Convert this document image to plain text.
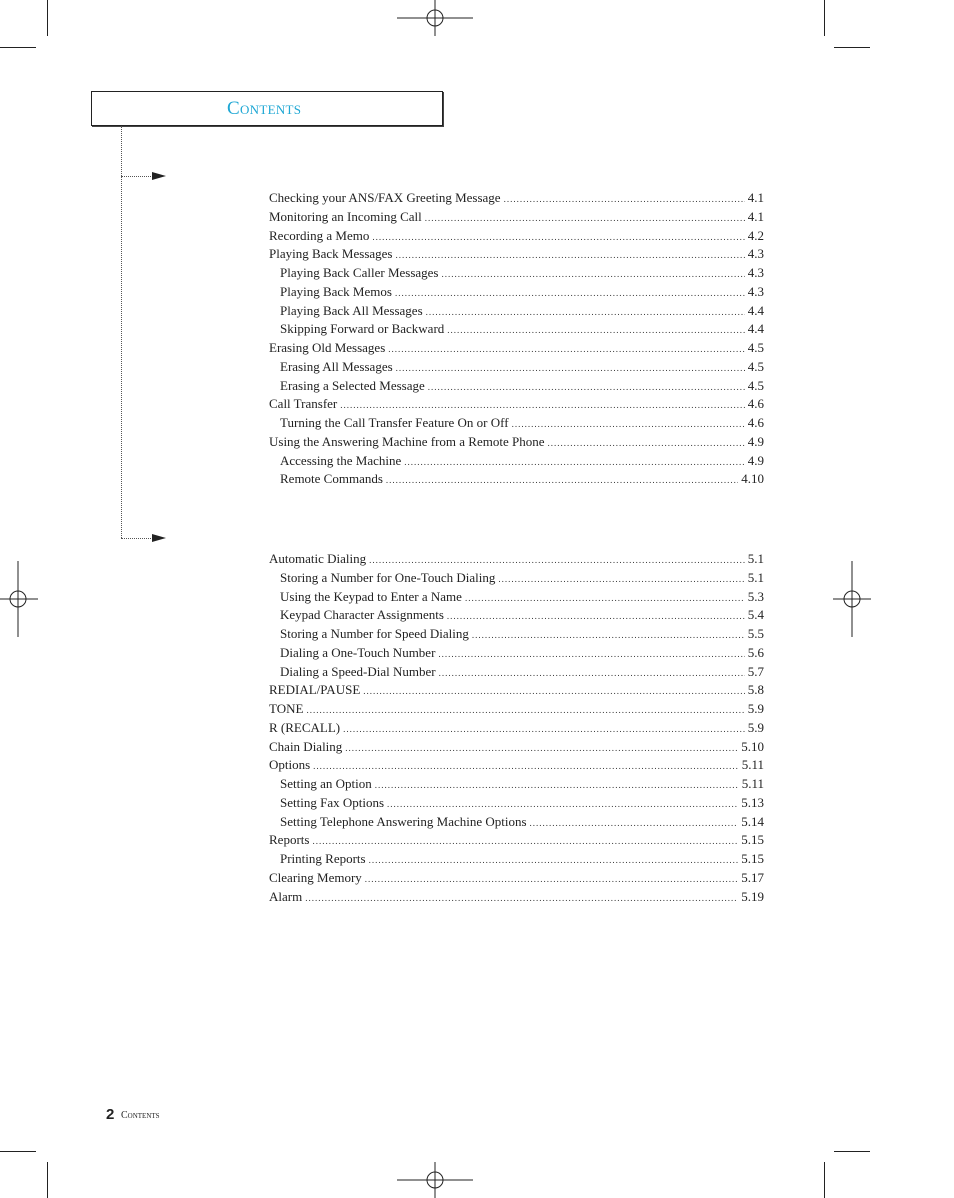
Contents
Checking your ANS/FAX Greeting Message .....	4.1
Monitoring an Incoming Call .....	4.1
Recording a Memo .....	4.2
Playing Back Messages .....	4.3
Playing Back Caller Messages .....	4.3
Playing Back Memos .....	4.3
Playing Back All Messages .....	4.4
Skipping Forward or Backward .....	4.4
Erasing Old Messages .....	4.5
Erasing All Messages .....	4.5
Erasing a Selected Message .....	4.5
Call Transfer .....	4.6
Turning the Call Transfer Feature On or Off .....	4.6
Using the Answering Machine from a Remote Phone .....	4.9
Accessing the Machine .....	4.9
Remote Commands .....	4.10
Automatic Dialing .....	5.1
Storing a Number for One-Touch Dialing .....	5.1
Using the Keypad to Enter a Name .....	5.3
Keypad Character Assignments .....	5.4
Storing a Number for Speed Dialing .....	5.5
Dialing a One-Touch Number .....	5.6
Dialing a Speed-Dial Number .....	5.7
REDIAL/PAUSE .....	5.8
TONE .....	5.9
R (RECALL) .....	5.9
Chain Dialing .....	5.10
Options .....	5.11
Setting an Option .....	5.11
Setting Fax Options .....	5.13
Setting Telephone Answering Machine Options .....	5.14
Reports .....	5.15
Printing Reports .....	5.15
Clearing Memory .....	5.17
Alarm .....	5.19
2 Contents
